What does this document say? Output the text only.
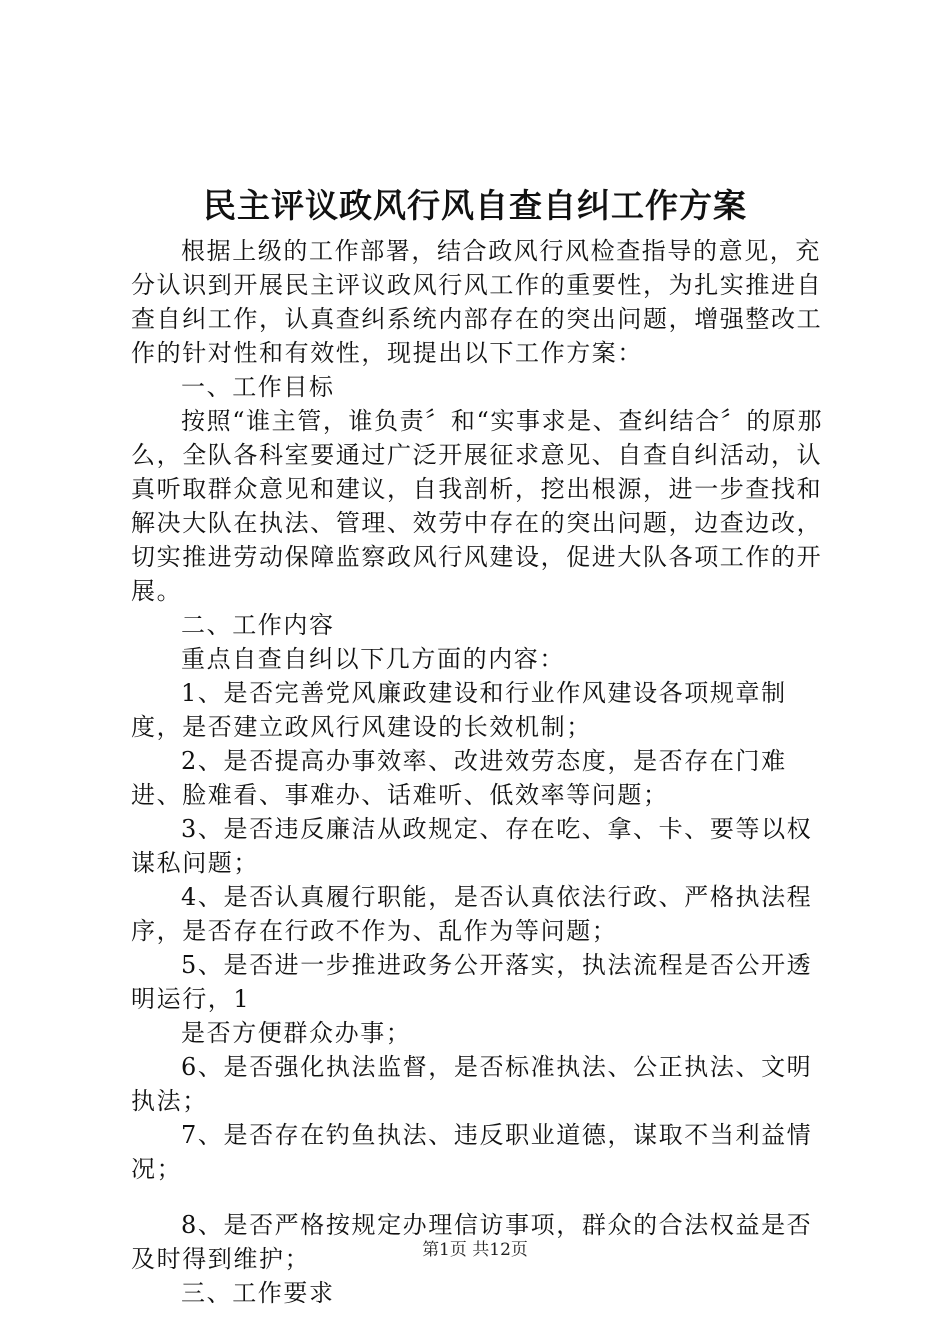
民主评议政风行风自查自纠工作方案

根据上级的工作部署，结合政风行风检查指导的意见，充分认识到开展民主评议政风行风工作的重要性，为扎实推进自查自纠工作，认真查纠系统内部存在的突出问题，增强整改工作的针对性和有效性，现提出以下工作方案：

一、工作目标

按照“谁主管，谁负责〞和“实事求是、查纠结合〞的原那么，全队各科室要通过广泛开展征求意见、自查自纠活动，认真听取群众意见和建议，自我剖析，挖出根源，进一步查找和解决大队在执法、管理、效劳中存在的突出问题，边查边改，切实推进劳动保障监察政风行风建设，促进大队各项工作的开展。

二、工作内容

重点自查自纠以下几方面的内容：

1、是否完善党风廉政建设和行业作风建设各项规章制度，是否建立政风行风建设的长效机制；

2、是否提高办事效率、改进效劳态度，是否存在门难进、脸难看、事难办、话难听、低效率等问题；

3、是否违反廉洁从政规定、存在吃、拿、卡、要等以权谋私问题；

4、是否认真履行职能，是否认真依法行政、严格执法程序，是否存在行政不作为、乱作为等问题；

5、是否进一步推进政务公开落实，执法流程是否公开透明运行，1

是否方便群众办事；

6、是否强化执法监督，是否标准执法、公正执法、文明执法；

7、是否存在钓鱼执法、违反职业道德，谋取不当利益情况；

8、是否严格按规定办理信访事项，群众的合法权益是否及时得到维护；

三、工作要求

第1页 共12页
